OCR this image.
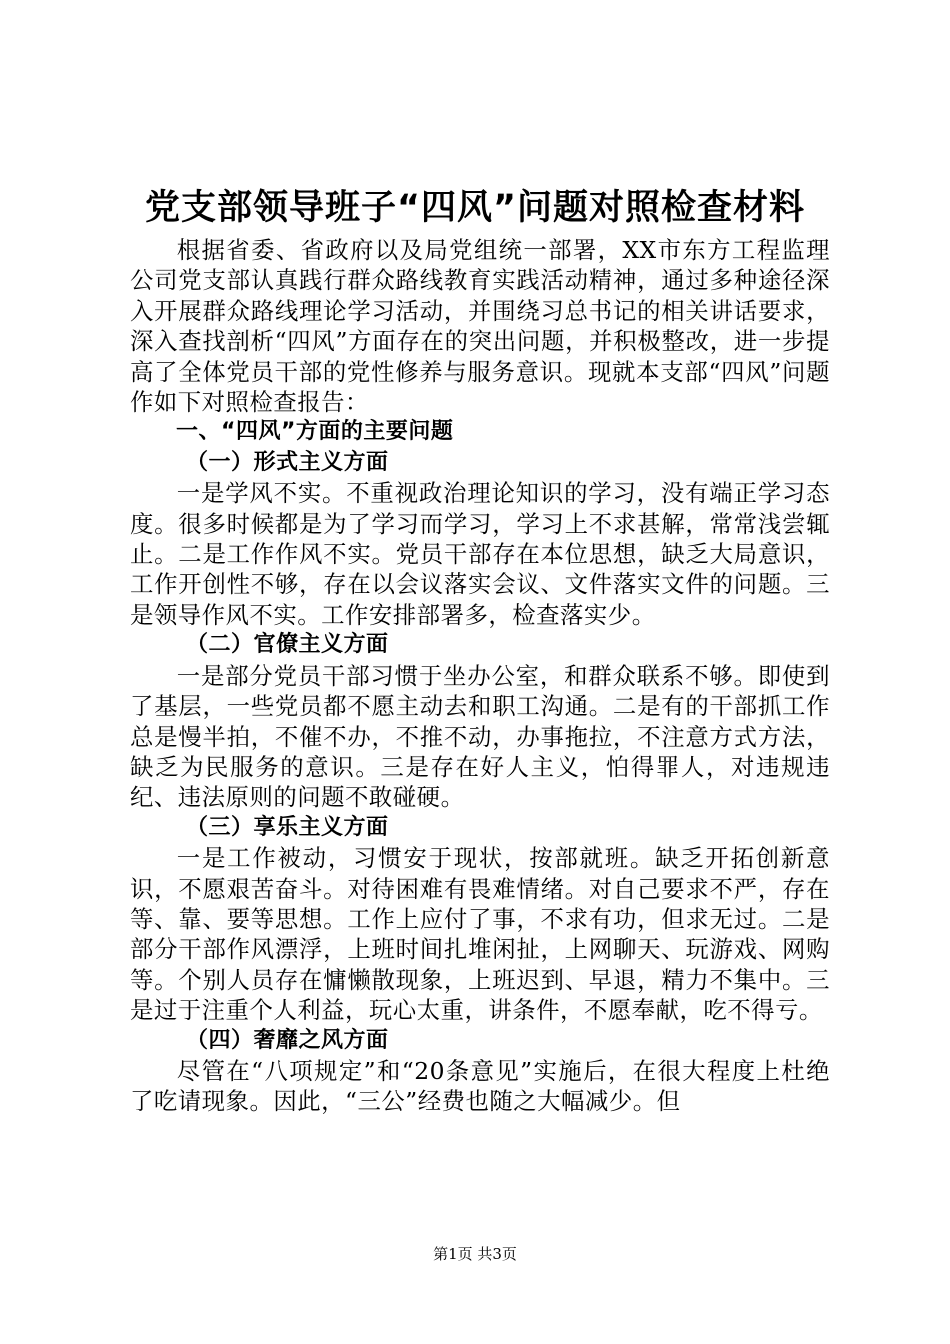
党支部领导班子“四风”问题对照检查材料

根据省委、省政府以及局党组统一部署，XX市东方工程监理公司党支部认真践行群众路线教育实践活动精神，通过多种途径深入开展群众路线理论学习活动，并围绕习总书记的相关讲话要求，深入查找剖析“四风”方面存在的突出问题，并积极整改，进一步提高了全体党员干部的党性修养与服务意识。现就本支部“四风”问题作如下对照检查报告：

一、“四风”方面的主要问题

（一）形式主义方面

一是学风不实。不重视政治理论知识的学习，没有端正学习态度。很多时候都是为了学习而学习，学习上不求甚解，常常浅尝辄止。二是工作作风不实。党员干部存在本位思想，缺乏大局意识，工作开创性不够，存在以会议落实会议、文件落实文件的问题。三是领导作风不实。工作安排部署多，检查落实少。

（二）官僚主义方面

一是部分党员干部习惯于坐办公室，和群众联系不够。即使到了基层，一些党员都不愿主动去和职工沟通。二是有的干部抓工作总是慢半拍，不催不办，不推不动，办事拖拉，不注意方式方法，缺乏为民服务的意识。三是存在好人主义，怕得罪人，对违规违纪、违法原则的问题不敢碰硬。

（三）享乐主义方面

一是工作被动，习惯安于现状，按部就班。缺乏开拓创新意识，不愿艰苦奋斗。对待困难有畏难情绪。对自己要求不严，存在等、靠、要等思想。工作上应付了事，不求有功，但求无过。二是部分干部作风漂浮，上班时间扎堆闲扯，上网聊天、玩游戏、网购等。个别人员存在慵懒散现象，上班迟到、早退，精力不集中。三是过于注重个人利益，玩心太重，讲条件，不愿奉献，吃不得亏。

（四）奢靡之风方面

尽管在“八项规定”和“20条意见”实施后，在很大程度上杜绝了吃请现象。因此，“三公”经费也随之大幅减少。但

第1页 共3页
